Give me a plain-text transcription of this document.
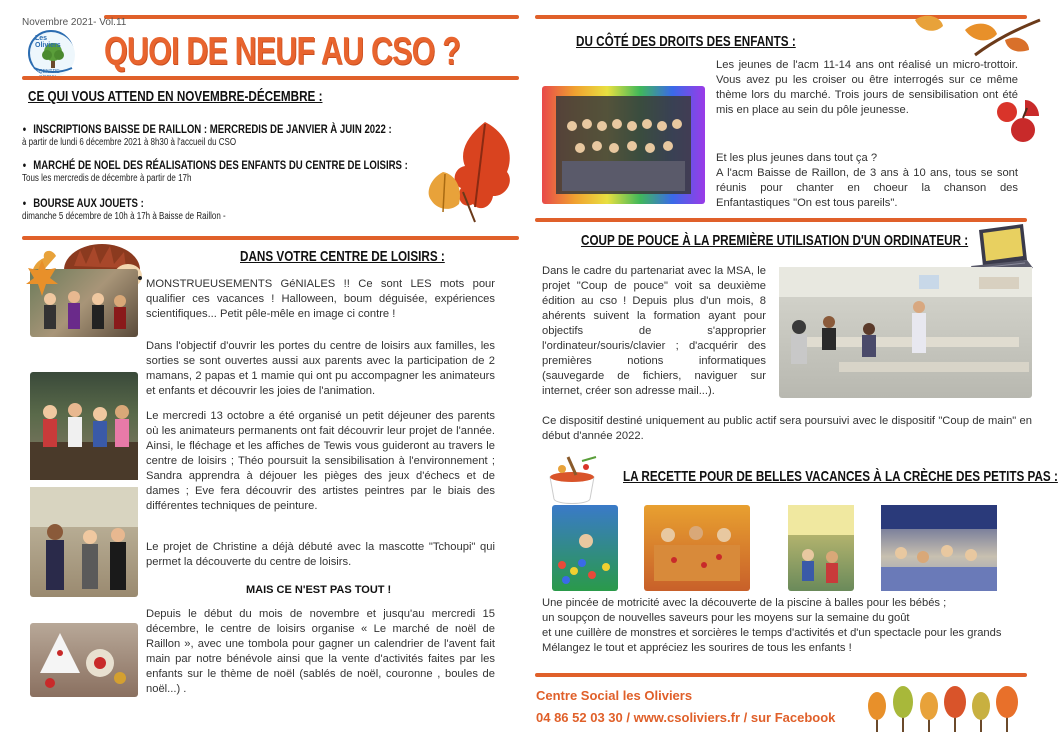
Novembre 2021- Vol.11
Les Oliviers
CENTRE	QUOI DE NEUF AU CSO ?
CE QUI VOUS ATTEND EN NOVEMBRE-DÉCEMBRE :
• INSCRIPTIONS BAISSE DE RAILLON : MERCREDIS DE JANVIER À JUIN 2022 :
à partir de lundi 6 décembre 2021 à 8h30 à l'accueil du CSO
• MARCHÉ DE NOEL DES RÉALISATIONS DES ENFANTS DU CENTRE DE LOISIRS :
Tous les mercredis de décembre à partir de 17h
• BOURSE AUX JOUETS :
dimanche 5 décembre de 10h à 17h à Baisse de Raillon -
DANS VOTRE CENTRE DE LOISIRS :
MONSTRUEUSEMENTS GéNIALES !! Ce sont LES mots pour qualifier ces vacances ! Halloween, boum déguisée, expériences scientifiques... Petit pêle-mêle en image ci contre !
Dans l'objectif d'ouvrir les portes du centre de loisirs aux familles, les sorties se sont ouvertes aussi aux parents avec la participation de 2 mamans, 2 papas et 1 mamie qui ont pu accompagner les animateurs et enfants et découvrir les joies de l'animation.
Le mercredi 13 octobre a été organisé un petit déjeuner des parents où les animateurs permanents ont fait découvrir leur projet de l'année. Ainsi, le fléchage et les affiches de Tewis vous guideront au travers le centre de loisirs ; Théo poursuit la sensibilisation à l'environnement ; Sandra apprendra à déjouer les pièges des jeux d'échecs et de dames ; Eve fera découvrir des artistes peintres par le biais des différentes techniques de peinture.
Le projet de Christine a déjà débuté avec la mascotte "Tchoupi" qui permet la découverte du centre de loisirs.
MAIS CE N'EST PAS TOUT !
Depuis le début du mois de novembre et jusqu'au mercredi 15 décembre, le centre de loisirs organise « Le marché de noël de Raillon », avec une tombola pour gagner un calendrier de l'avent fait main par notre bénévole ainsi que la vente d'activités faites par les enfants sur le thème de noël (sablés de noël, couronne , boules de noël...) .
DU CÔTÉ DES DROITS DES ENFANTS :
Les jeunes de l'acm 11-14 ans ont réalisé un micro-trottoir. Vous avez pu les croiser ou être interrogés sur ce même thème lors du marché. Trois jours de sensibilisation ont été mis en place au sein du pôle jeunesse.
Et les plus jeunes dans tout ça ?
A l'acm Baisse de Raillon, de 3 ans à 10 ans, tous se sont réunis pour chanter en choeur la chanson des Enfantastiques "On est tous pareils".
COUP DE POUCE À LA PREMIÈRE UTILISATION D'UN ORDINATEUR :
Dans le cadre du partenariat avec la MSA, le projet "Coup de pouce" voit sa deuxième édition au cso ! Depuis plus d'un mois, 8 ahérents suivent la formation ayant pour objectifs de s'approprier l'ordinateur/souris/clavier ; d'acquérir des premières notions informatiques (sauvegarde de fichiers, naviguer sur internet, créer son adresse mail...).
Ce dispositif destiné uniquement au public actif sera poursuivi avec le dispositif "Coup de main" en début d'année 2022.
LA RECETTE POUR DE BELLES VACANCES À LA CRÈCHE DES PETITS PAS :
Une pincée de motricité avec la découverte de la piscine à balles pour les bébés ;
un soupçon de nouvelles saveurs pour les moyens sur la semaine du goût
et une cuillère de monstres et sorcières le temps d'activités et d'un spectacle pour les grands
Mélangez le tout et appréciez les sourires de tous les enfants !
Centre Social les Oliviers
04 86 52 03 30 / www.csoliviers.fr / sur Facebook
